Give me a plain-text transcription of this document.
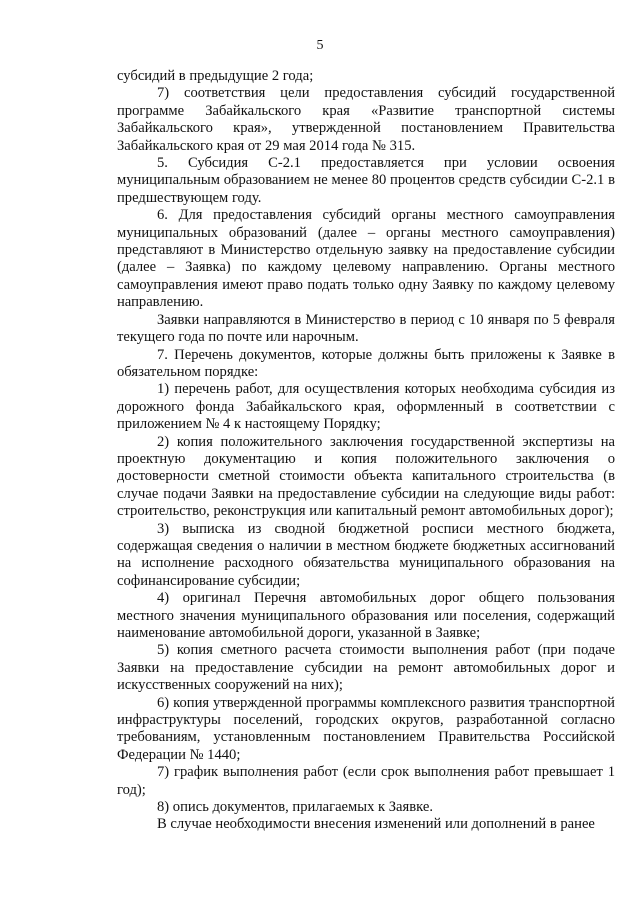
5

субсидий в предыдущие 2 года;

7) соответствия цели предоставления субсидий государственной программе Забайкальского края «Развитие транспортной системы Забайкальского края», утвержденной постановлением Правительства Забайкальского края от 29 мая 2014 года № 315.

5. Субсидия С-2.1 предоставляется при условии освоения муниципальным образованием не менее 80 процентов средств субсидии С-2.1 в предшествующем году.

6. Для предоставления субсидий органы местного самоуправления муниципальных образований (далее – органы местного самоуправления) представляют в Министерство отдельную заявку на предоставление субсидии (далее – Заявка) по каждому целевому направлению. Органы местного самоуправления имеют право подать только одну Заявку по каждому целевому направлению.

Заявки направляются в Министерство в период с 10 января по 5 февраля текущего года по почте или нарочным.

7. Перечень документов, которые должны быть приложены к Заявке в обязательном порядке:

1) перечень работ, для осуществления которых необходима субсидия из дорожного фонда Забайкальского края, оформленный в соответствии с приложением № 4 к настоящему Порядку;

2) копия положительного заключения государственной экспертизы на проектную документацию и копия положительного заключения о достоверности сметной стоимости объекта капитального строительства (в случае подачи Заявки на предоставление субсидии на следующие виды работ: строительство, реконструкция или капитальный ремонт автомобильных дорог);

3) выписка из сводной бюджетной росписи местного бюджета, содержащая сведения о наличии в местном бюджете бюджетных ассигнований на исполнение расходного обязательства муниципального образования на софинансирование субсидии;

4) оригинал Перечня автомобильных дорог общего пользования местного значения муниципального образования или поселения, содержащий наименование автомобильной дороги, указанной в Заявке;

5) копия сметного расчета стоимости выполнения работ (при подаче Заявки на предоставление субсидии на ремонт автомобильных дорог и искусственных сооружений на них);

6) копия утвержденной программы комплексного развития транспортной инфраструктуры поселений, городских округов, разработанной согласно требованиям, установленным постановлением Правительства Российской Федерации № 1440;

7) график выполнения работ (если срок выполнения работ превышает 1 год);

8) опись документов, прилагаемых к Заявке.

В случае необходимости внесения изменений или дополнений в ранее
